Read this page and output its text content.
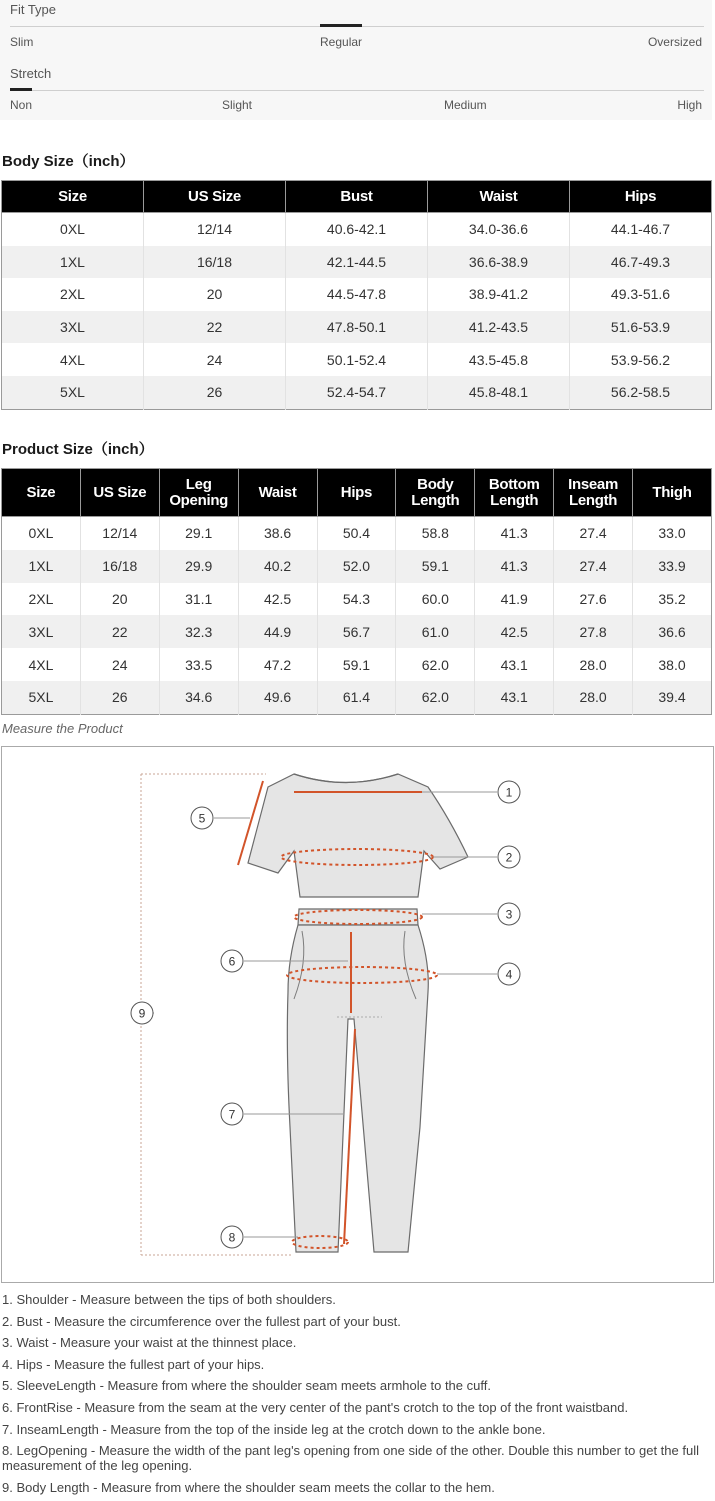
Fit Type
Slim	Regular	Oversized
Stretch
Non	Slight	Medium	High
Body Size（inch）
Size	US Size	Bust	Waist	Hips
0XL	12/14	40.6-42.1	34.0-36.6	44.1-46.7
1XL	16/18	42.1-44.5	36.6-38.9	46.7-49.3
2XL	20	44.5-47.8	38.9-41.2	49.3-51.6
3XL	22	47.8-50.1	41.2-43.5	51.6-53.9
4XL	24	50.1-52.4	43.5-45.8	53.9-56.2
5XL	26	52.4-54.7	45.8-48.1	56.2-58.5
Product Size（inch）
Size	US Size	Leg Opening	Waist	Hips	Body Length	Bottom Length	Inseam Length	Thigh
0XL	12/14	29.1	38.6	50.4	58.8	41.3	27.4	33.0
1XL	16/18	29.9	40.2	52.0	59.1	41.3	27.4	33.9
2XL	20	31.1	42.5	54.3	60.0	41.9	27.6	35.2
3XL	22	32.3	44.9	56.7	61.0	42.5	27.8	36.6
4XL	24	33.5	47.2	59.1	62.0	43.1	28.0	38.0
5XL	26	34.6	49.6	61.4	62.0	43.1	28.0	39.4
Measure the Product
1
2
3
4
5
6
7
8
9

1. Shoulder - Measure between the tips of both shoulders.

2. Bust - Measure the circumference over the fullest part of your bust.

3. Waist - Measure your waist at the thinnest place.

4. Hips - Measure the fullest part of your hips.

5. SleeveLength - Measure from where the shoulder seam meets armhole to the cuff.

6. FrontRise - Measure from the seam at the very center of the pant's crotch to the top of the front waistband.

7. InseamLength - Measure from the top of the inside leg at the crotch down to the ankle bone.

8. LegOpening - Measure the width of the pant leg's opening from one side of the other. Double this number to get the full measurement of the leg opening.

9. Body Length - Measure from where the shoulder seam meets the collar to the hem.
